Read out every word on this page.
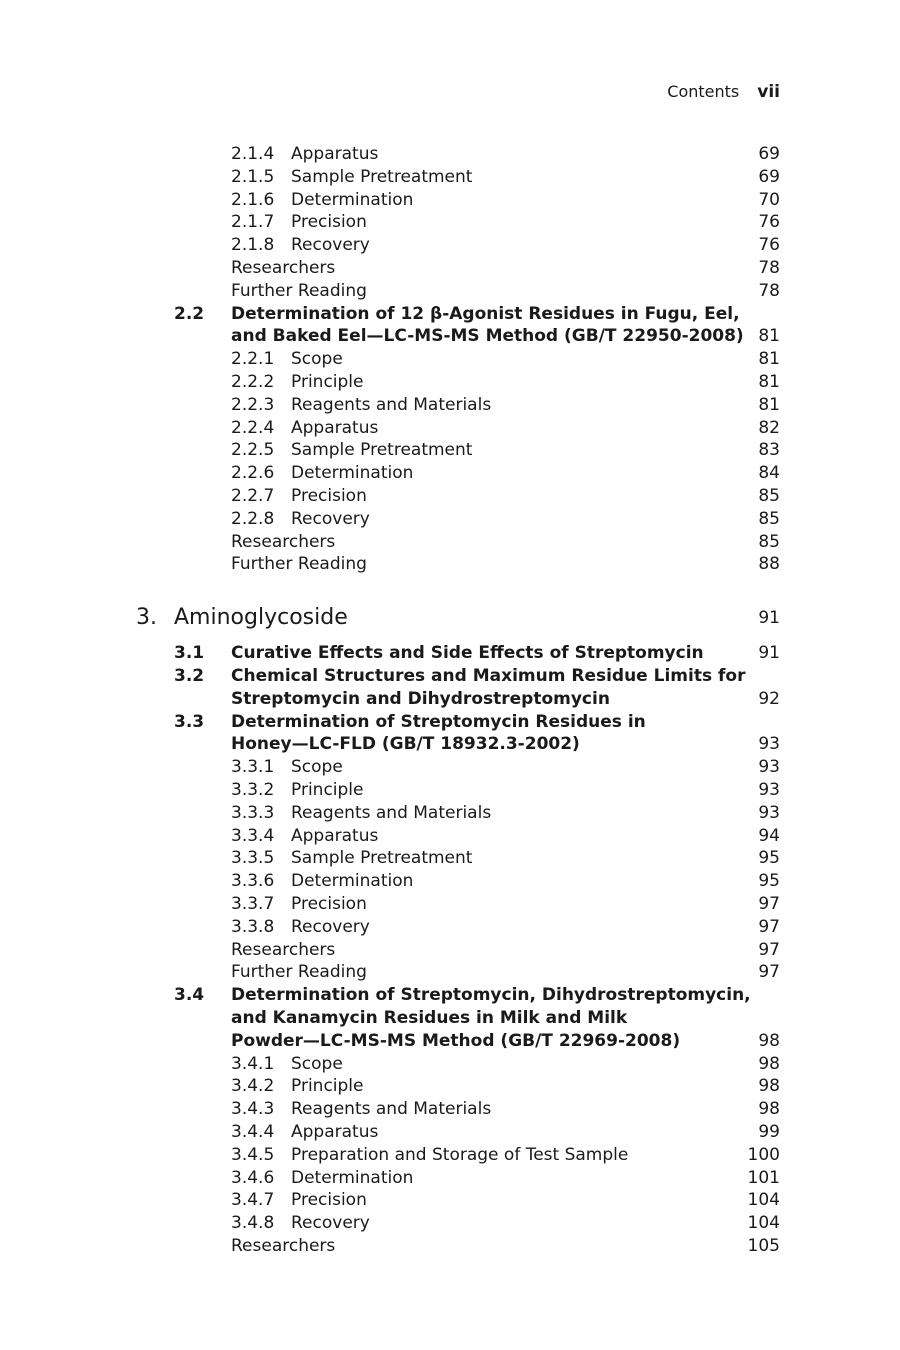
Contents vii
2.1.4 Apparatus	69
2.1.5 Sample Pretreatment	69
2.1.6 Determination	70
2.1.7 Precision	76
2.1.8 Recovery	76
Researchers	78
Further Reading	78
2.2 Determination of 12 β-Agonist Residues in Fugu, Eel,
and Baked Eel—LC-MS-MS Method (GB/T 22950-2008) 81
2.2.1 Scope	81
2.2.2 Principle	81
2.2.3 Reagents and Materials	81
2.2.4 Apparatus	82
2.2.5 Sample Pretreatment	83
2.2.6 Determination	84
2.2.7 Precision	85
2.2.8 Recovery	85
Researchers	85
Further Reading	88
3. Aminoglycoside	91
3.1 Curative Effects and Side Effects of Streptomycin	91
3.2 Chemical Structures and Maximum Residue Limits for
Streptomycin and Dihydrostreptomycin	92
3.3 Determination of Streptomycin Residues in
Honey—LC-FLD (GB/T 18932.3-2002)	93
3.3.1 Scope	93
3.3.2 Principle	93
3.3.3 Reagents and Materials	93
3.3.4 Apparatus	94
3.3.5 Sample Pretreatment	95
3.3.6 Determination	95
3.3.7 Precision	97
3.3.8 Recovery	97
Researchers	97
Further Reading	97
3.4 Determination of Streptomycin, Dihydrostreptomycin,
and Kanamycin Residues in Milk and Milk
Powder—LC-MS-MS Method (GB/T 22969-2008)	98
3.4.1 Scope	98
3.4.2 Principle	98
3.4.3 Reagents and Materials	98
3.4.4 Apparatus	99
3.4.5 Preparation and Storage of Test Sample	100
3.4.6 Determination	101
3.4.7 Precision	104
3.4.8 Recovery	104
Researchers	105
